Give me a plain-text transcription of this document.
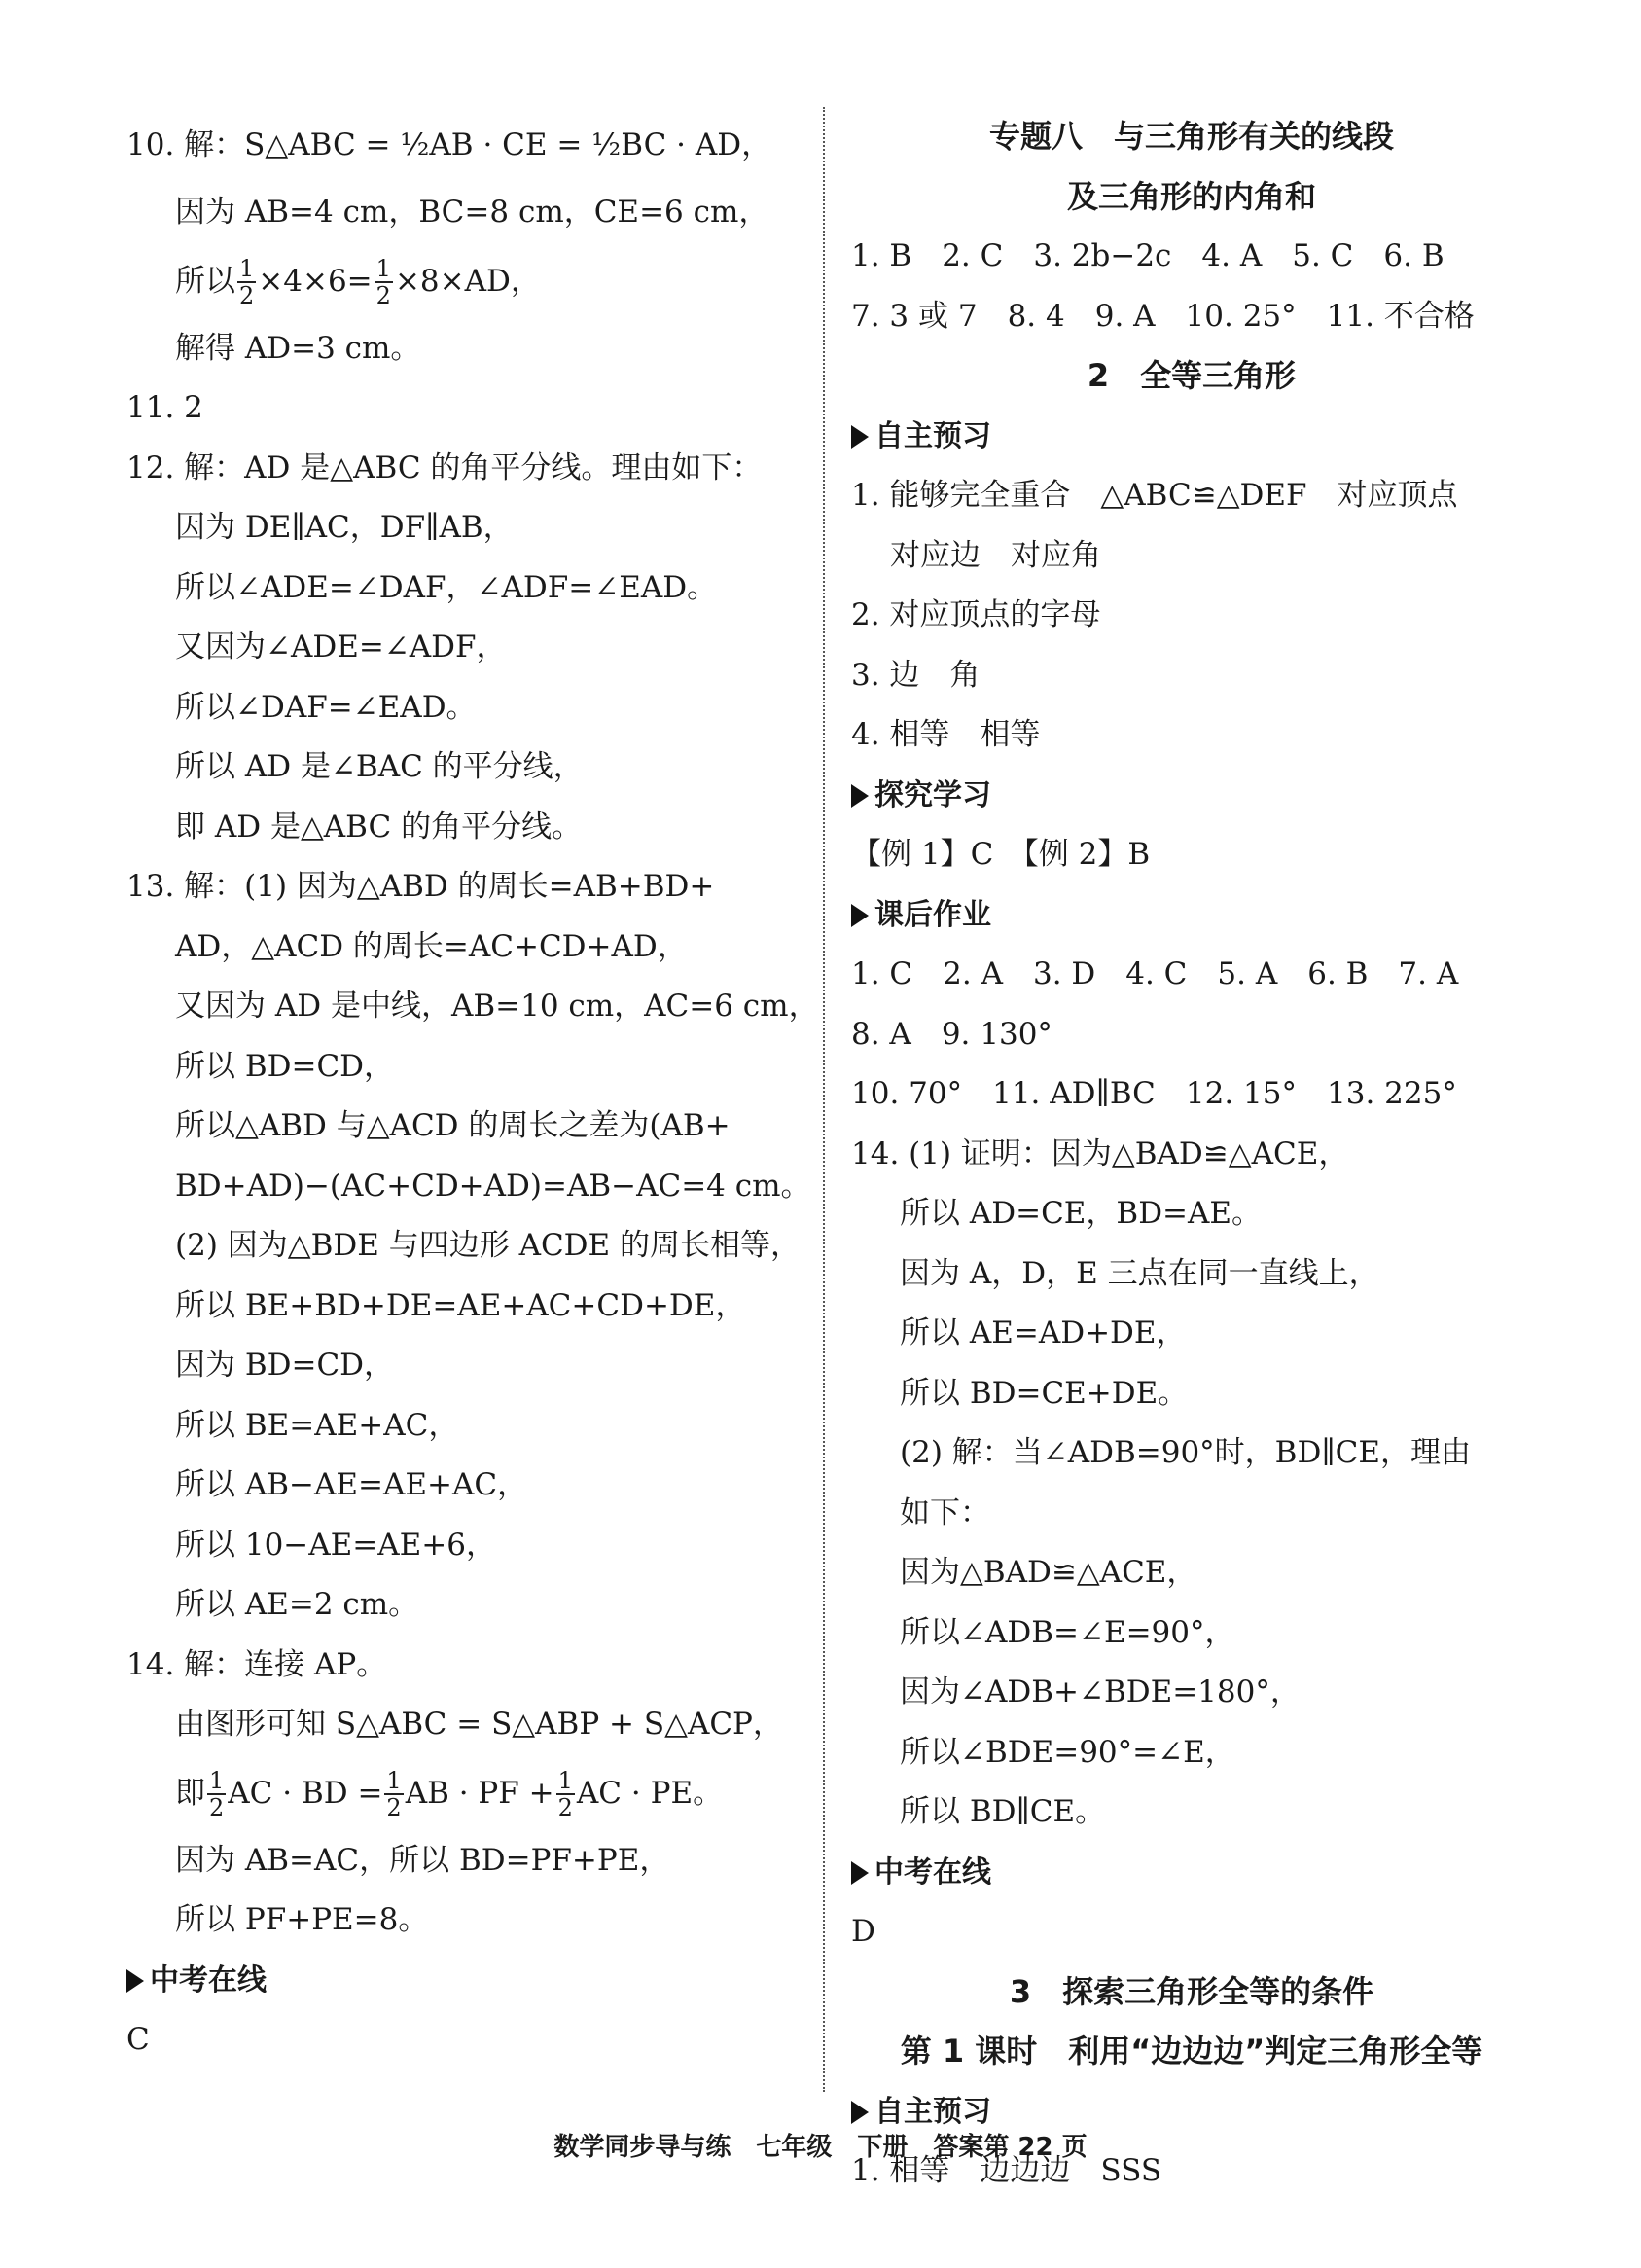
10. 解：S△ABC = ½AB · CE = ½BC · AD，
因为 AB=4 cm，BC=8 cm，CE=6 cm，
所以 $\frac{1}{2} \times 4\times 6= \frac{1}{2} \times 8\times AD$，
解得 AD=3 cm。
11. 2
12. 解：AD 是△ABC 的角平分线。理由如下：
因为 DE∥AC，DF∥AB，
所以∠ADE=∠DAF，∠ADF=∠EAD。
又因为∠ADE=∠ADF，
所以∠DAF=∠EAD。
所以 AD 是∠BAC 的平分线，
即 AD 是△ABC 的角平分线。
13. 解：(1) 因为△ABD 的周长=AB+BD+
AD，△ACD 的周长=AC+CD+AD，
又因为 AD 是中线，AB=10 cm，AC=6 cm，
所以 BD=CD，
所以△ABD 与△ACD 的周长之差为(AB+
BD+AD)−(AC+CD+AD)=AB−AC=4 cm。
(2) 因为△BDE 与四边形 ACDE 的周长相等，
所以 BE+BD+DE=AE+AC+CD+DE，
因为 BD=CD，
所以 BE=AE+AC，
所以 AB−AE=AE+AC，
所以 10−AE=AE+6，
所以 AE=2 cm。
14. 解：连接 AP。
由图形可知 S△ABC = S△ABP + S△ACP，
即 $\frac{1}{2}$ AC · BD = $\frac{1}{2}$ AB · PF + $\frac{1}{2}$ AC · PE。
因为 AB=AC，所以 BD=PF+PE，
所以 PF+PE=8。
中考在线
C
专题八　与三角形有关的线段
及三角形的内角和
1. B　2. C　3. 2b−2c　4. A　5. C　6. B
7. 3 或 7　8. 4　9. A　10. 25°　11. 不合格
2　全等三角形
自主预习
1. 能够完全重合　△ABC≌△DEF　对应顶点
对应边　对应角
2. 对应顶点的字母
3. 边　角
4. 相等　相等
探究学习
【例 1】C　【例 2】B
课后作业
1. C　2. A　3. D　4. C　5. A　6. B　7. A
8. A　9. 130°
10. 70°　11. AD∥BC　12. 15°　13. 225°
14. (1) 证明：因为△BAD≌△ACE，
所以 AD=CE，BD=AE。
因为 A，D，E 三点在同一直线上，
所以 AE=AD+DE，
所以 BD=CE+DE。
(2) 解：当∠ADB=90°时，BD∥CE，理由
如下：
因为△BAD≌△ACE，
所以∠ADB=∠E=90°，
因为∠ADB+∠BDE=180°，
所以∠BDE=90°=∠E，
所以 BD∥CE。
中考在线
D
3　探索三角形全等的条件
第 1 课时　利用“边边边”判定三角形全等
自主预习
1. 相等　边边边　SSS
数学同步导与练　七年级　下册　答案第 22 页
